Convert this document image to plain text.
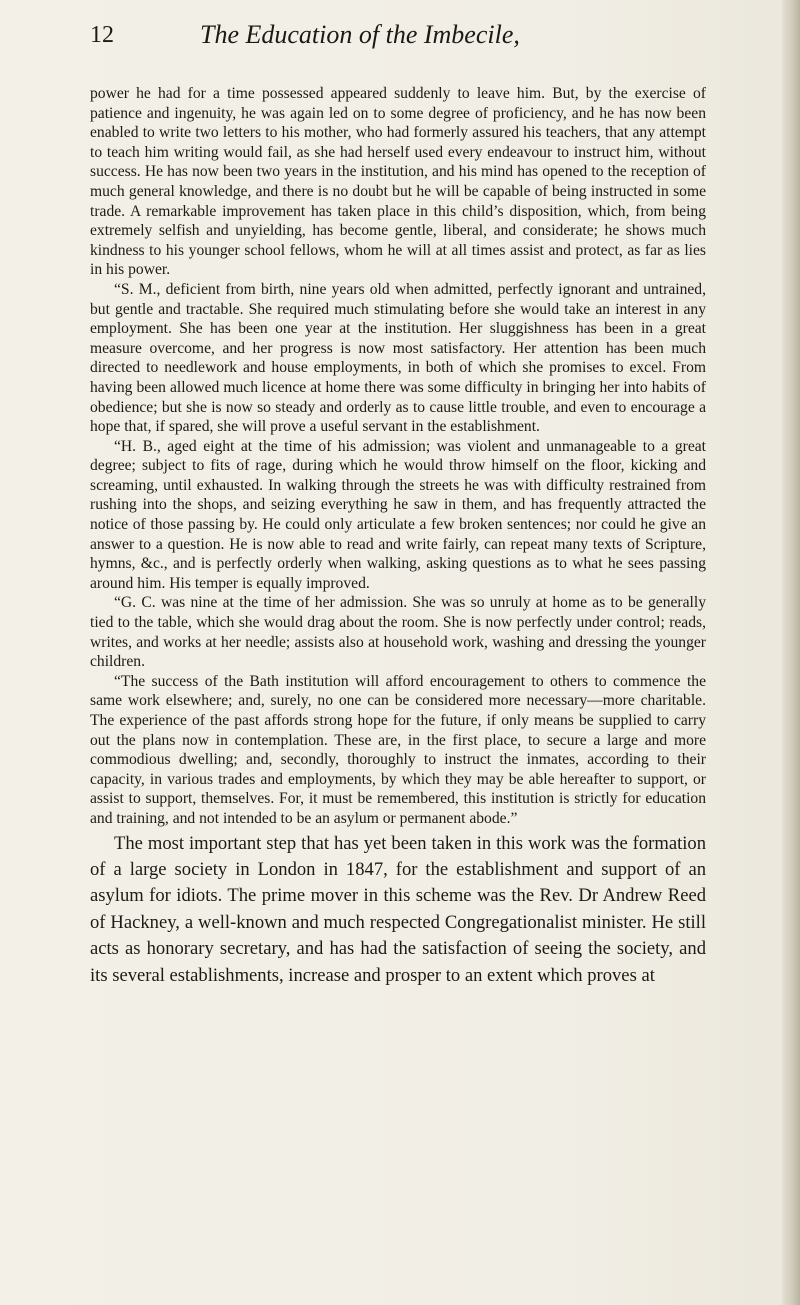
12	The Education of the Imbecile,

power he had for a time possessed appeared suddenly to leave him. But, by the exercise of patience and ingenuity, he was again led on to some degree of proficiency, and he has now been enabled to write two letters to his mother, who had formerly assured his teachers, that any attempt to teach him writing would fail, as she had herself used every endeavour to instruct him, without success. He has now been two years in the institution, and his mind has opened to the reception of much general knowledge, and there is no doubt but he will be capable of being instructed in some trade. A remarkable improvement has taken place in this child’s disposition, which, from being extremely selfish and unyielding, has become gentle, liberal, and considerate; he shows much kindness to his younger school fellows, whom he will at all times assist and protect, as far as lies in his power.

“S. M., deficient from birth, nine years old when admitted, perfectly ignorant and untrained, but gentle and tractable. She required much stimulating before she would take an interest in any employment. She has been one year at the institution. Her sluggishness has been in a great measure overcome, and her progress is now most satisfactory. Her attention has been much directed to needlework and house employments, in both of which she promises to excel. From having been allowed much licence at home there was some difficulty in bringing her into habits of obedience; but she is now so steady and orderly as to cause little trouble, and even to encourage a hope that, if spared, she will prove a useful servant in the establishment.

“H. B., aged eight at the time of his admission; was violent and unmanageable to a great degree; subject to fits of rage, during which he would throw himself on the floor, kicking and screaming, until exhausted. In walking through the streets he was with difficulty restrained from rushing into the shops, and seizing everything he saw in them, and has frequently attracted the notice of those passing by. He could only articulate a few broken sentences; nor could he give an answer to a question. He is now able to read and write fairly, can repeat many texts of Scripture, hymns, &c., and is perfectly orderly when walking, asking questions as to what he sees passing around him. His temper is equally improved.

“G. C. was nine at the time of her admission. She was so unruly at home as to be generally tied to the table, which she would drag about the room. She is now perfectly under control; reads, writes, and works at her needle; assists also at household work, washing and dressing the younger children.

“The success of the Bath institution will afford encouragement to others to commence the same work elsewhere; and, surely, no one can be considered more necessary—more charitable. The experience of the past affords strong hope for the future, if only means be supplied to carry out the plans now in contemplation. These are, in the first place, to secure a large and more commodious dwelling; and, secondly, thoroughly to instruct the inmates, according to their capacity, in various trades and employments, by which they may be able hereafter to support, or assist to support, themselves. For, it must be remembered, this institution is strictly for education and training, and not intended to be an asylum or permanent abode.”

The most important step that has yet been taken in this work was the formation of a large society in London in 1847, for the establishment and support of an asylum for idiots. The prime mover in this scheme was the Rev. Dr Andrew Reed of Hackney, a well-known and much respected Congregationalist minister. He still acts as honorary secretary, and has had the satisfaction of seeing the society, and its several establishments, increase and prosper to an extent which proves at
